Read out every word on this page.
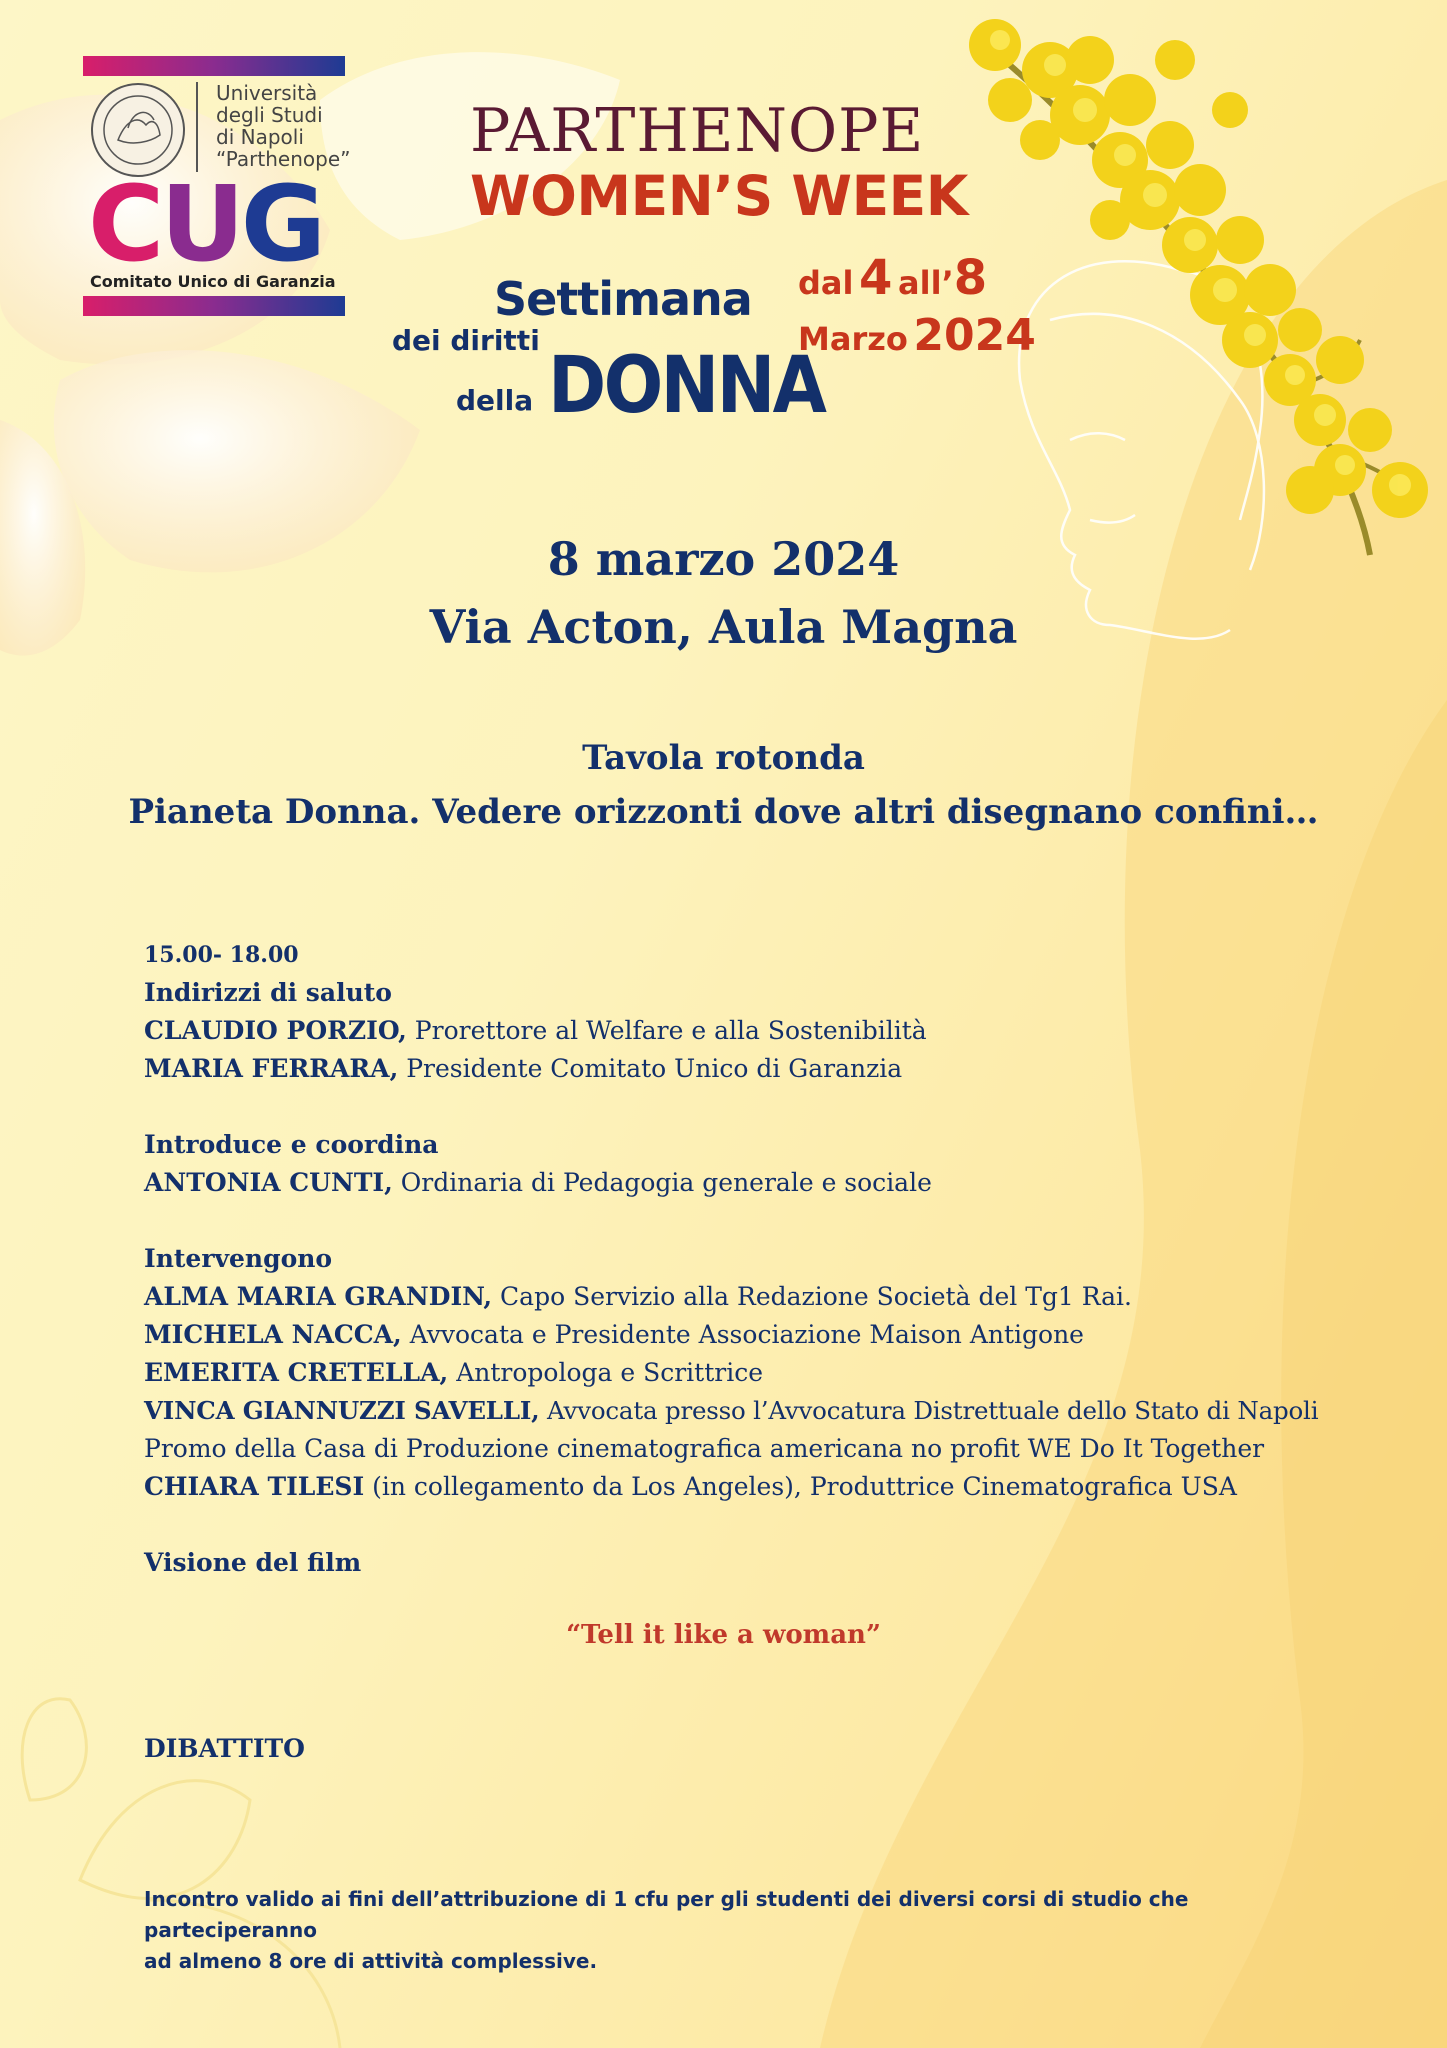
Università
degli Studi
di Napoli
“Parthenope”
CUG
Comitato Unico di Garanzia
PARTHENOPE
WOMEN’S WEEK
Settimana
dei diritti
della DONNA
dal 4 all’8
Marzo 2024
8 marzo 2024
Via Acton, Aula Magna
Tavola rotonda
Pianeta Donna. Vedere orizzonti dove altri disegnano confini…
15.00- 18.00
Indirizzi di saluto
CLAUDIO PORZIO, Prorettore al Welfare e alla Sostenibilità
MARIA FERRARA, Presidente Comitato Unico di Garanzia
Introduce e coordina
ANTONIA CUNTI, Ordinaria di Pedagogia generale e sociale
Intervengono
ALMA MARIA GRANDIN, Capo Servizio alla Redazione Società del Tg1 Rai.
MICHELA NACCA, Avvocata e Presidente Associazione Maison Antigone
EMERITA CRETELLA, Antropologa e Scrittrice
VINCA GIANNUZZI SAVELLI, Avvocata presso l’Avvocatura Distrettuale dello Stato di Napoli
Promo della Casa di Produzione cinematografica americana no profit WE Do It Together
CHIARA TILESI (in collegamento da Los Angeles), Produttrice Cinematografica USA
Visione del film
“Tell it like a woman”
DIBATTITO
Incontro valido ai fini dell’attribuzione di 1 cfu per gli studenti dei diversi corsi di studio che parteciperanno
ad almeno 8 ore di attività complessive.
